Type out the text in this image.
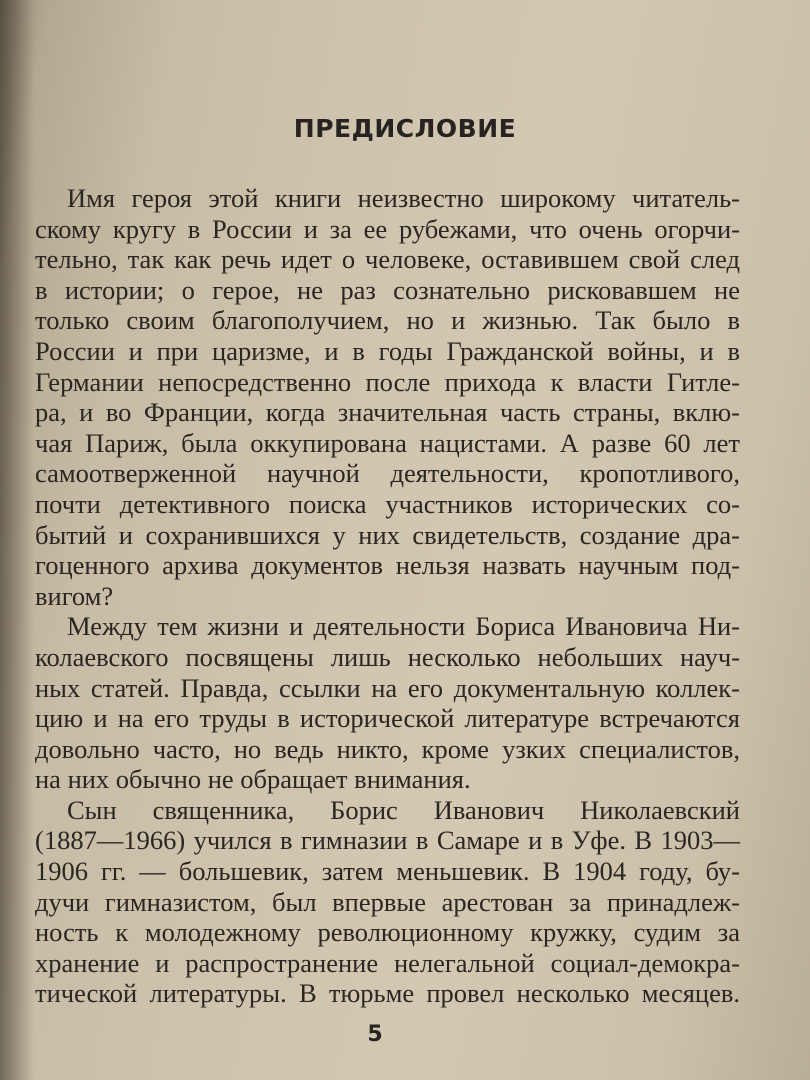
ПРЕДИСЛОВИЕ
Имя героя этой книги неизвестно широкому читатель-
скому кругу в России и за ее рубежами, что очень огорчи-
тельно, так как речь идет о человеке, оставившем свой след
в истории; о герое, не раз сознательно рисковавшем не
только своим благополучием, но и жизнью. Так было в
России и при царизме, и в годы Гражданской войны, и в
Германии непосредственно после прихода к власти Гитле-
ра, и во Франции, когда значительная часть страны, вклю-
чая Париж, была оккупирована нацистами. А разве 60 лет
самоотверженной научной деятельности, кропотливого,
почти детективного поиска участников исторических со-
бытий и сохранившихся у них свидетельств, создание дра-
гоценного архива документов нельзя назвать научным под-
вигом?
Между тем жизни и деятельности Бориса Ивановича Ни-
колаевского посвящены лишь несколько небольших науч-
ных статей. Правда, ссылки на его документальную коллек-
цию и на его труды в исторической литературе встречаются
довольно часто, но ведь никто, кроме узких специалистов,
на них обычно не обращает внимания.
Сын священника, Борис Иванович Николаевский
(1887—1966) учился в гимназии в Самаре и в Уфе. В 1903—
1906 гг. — большевик, затем меньшевик. В 1904 году, бу-
дучи гимназистом, был впервые арестован за принадлеж-
ность к молодежному революционному кружку, судим за
хранение и распространение нелегальной социал-демокра-
тической литературы. В тюрьме провел несколько месяцев.
5
